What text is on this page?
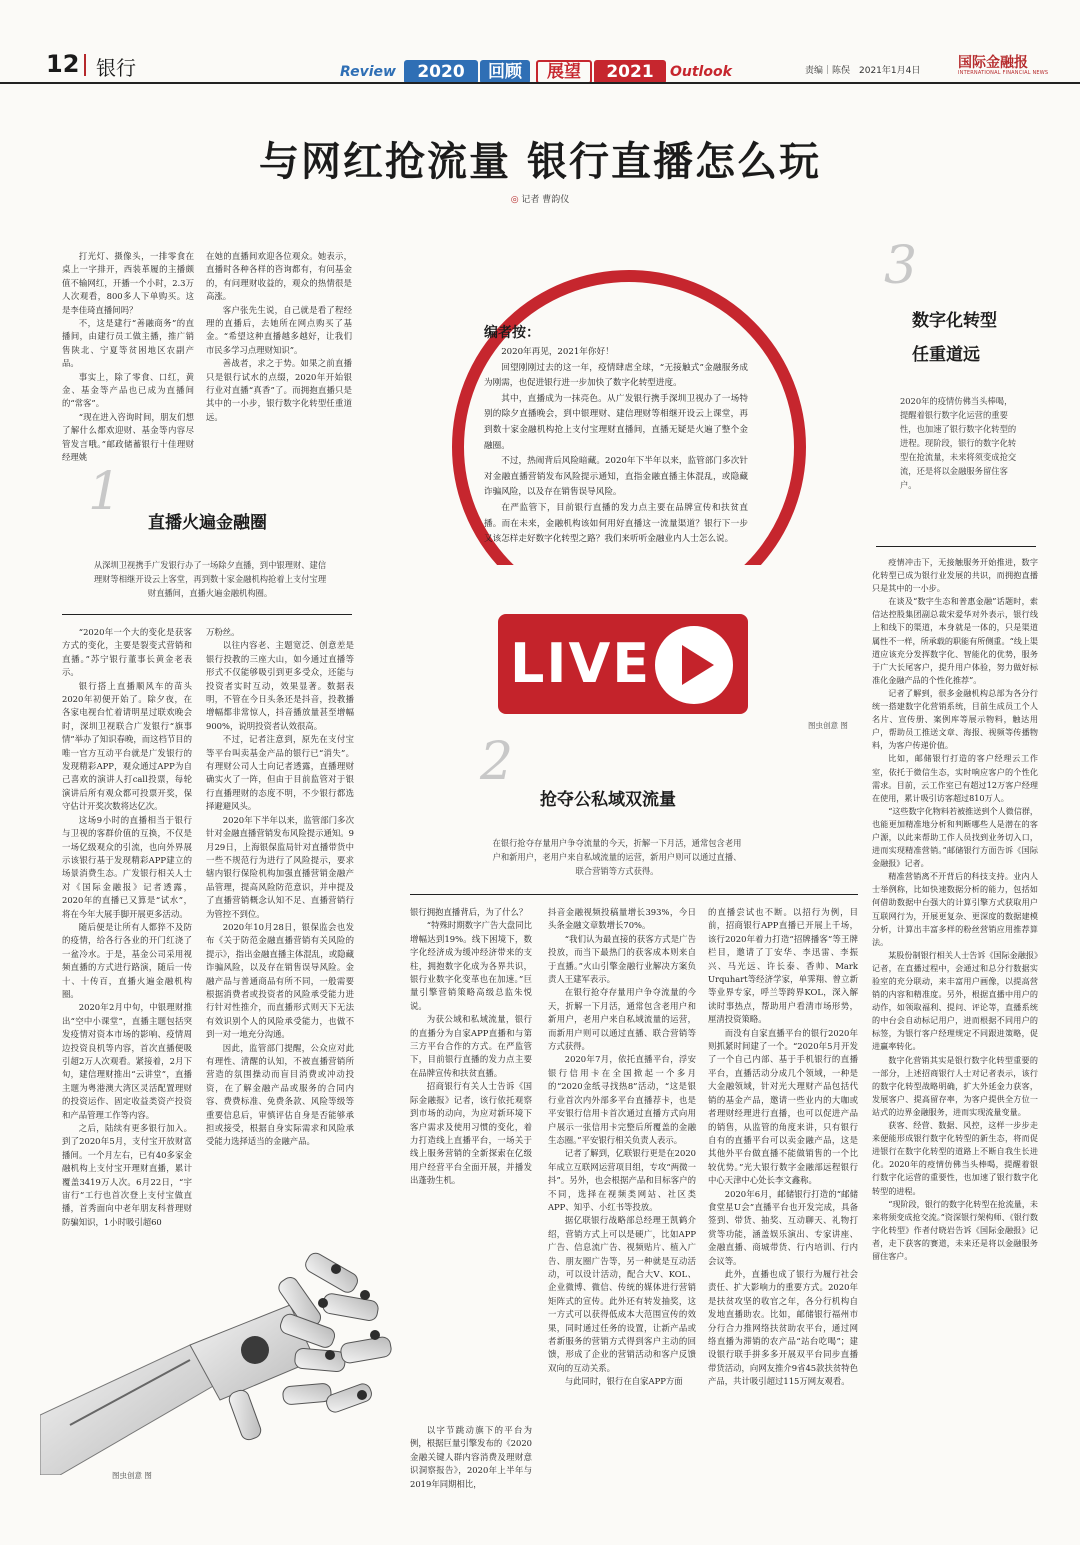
12 银行	Review	2020	回顾	展望	2021	Outlook	责编｜陈俣　2021年1月4日	国际金融报
INTERNATIONAL FINANCIAL NEWS
与网红抢流量 银行直播怎么玩
◎ 记者 曹韵仪

打光灯、摄像头，一排零食在桌上一字排开，西装革履的主播颇值不输网红，开播一个小时，2.3万人次观看，800多人下单购买。这是李佳琦直播间吗？

不，这是建行“善融商务”的直播间，由建行员工做主播，推广销售陕北、宁夏等贫困地区农副产品。

事实上，除了零食、口红，黄金、基金等产品也已成为直播间的“常客”。

“现在进入咨询时间，朋友们想了解什么都欢迎财、基金等内容尽管发言哦。”邮政储蓄银行十佳理财经理姚

在她的直播间欢迎各位观众。她表示，直播时各种各样的咨询都有，有问基金的，有问理财收益的，观众的热情很是高涨。

客户张先生说，自己就是看了程经理的直播后，去她所在网点购买了基金。“希望这种直播越多越好，让我们市民多学习点理财知识”。

善战者，求之于势。如果之前直播只是银行试水的点缀，2020年开始银行业对直播“真香”了。而拥抱直播只是其中的一小步，银行数字化转型任重道远。

1
直播火遍金融圈
从深圳卫视携手广发银行办了一场除夕直播，到中银理财、建信理财等相继开设云上客堂，再到数十家金融机构抢着上支付宝理财直播间，直播火遍金融机构圈。
编者按：

2020年再见，2021年你好！

回望刚刚过去的这一年，疫情肆虐全球，“无接触式”金融服务成为刚需，也促进银行进一步加快了数字化转型进度。

其中，直播成为一抹亮色。从广发银行携手深圳卫视办了一场特别的除夕直播晚会，到中银理财、建信理财等相继开设云上课堂，再到数十家金融机构抢上支付宝理财直播间，直播无疑是火遍了整个金融圈。

不过，热闹背后风险暗藏。2020年下半年以来，监管部门多次针对金融直播营销发布风险提示通知，直指金融直播主体混乱，或隐藏诈骗风险，以及存在销售误导风险。

在严监管下，目前银行直播的发力点主要在品牌宣传和扶贫直播。而在未来，金融机构该如何用好直播这一流量渠道？银行下一步又该怎样走好数字化转型之路？我们来听听金融业内人士怎么说。

LIVE
图虫创意 图
3
数字化转型
任重道远
2020年的疫情仿佛当头棒喝，提醒着银行数字化运营的重要性，也加速了银行数字化转型的进程。现阶段，银行的数字化转型在抢流量，未来将须变成抢交流，还是将以金融服务留住客户。
2
抢夺公私域双流量
在银行抢夺存量用户争夺流量的今天，折解一下月活，通常包含老用户和新用户，老用户来自私域流量的运营，新用户则可以通过直播、联合营销等方式获得。

“2020年一个大的变化是获客方式的变化，主要是裂变式营销和直播。”苏宁银行董事长黄金老表示。

银行搭上直播顺风车的苗头2020年初便开始了。除夕夜，在各家电视台忙着请明星过联欢晚会时，深圳卫视联合广发银行“旗事情”举办了知识春晚，而这档节目的唯一官方互动平台就是广发银行的发现精彩APP，观众通过APP为自己喜欢的演讲人打call投票，每轮演讲后所有观众都可投票开奖，保守估计开奖次数将达亿次。

这场9小时的直播相当于银行与卫视的客群价值的互换，不仅是一场亿级观众的引流，也向外界展示该银行基于发现精彩APP建立的场景消费生态。广发银行相关人士对《国际金融报》记者透露，2020年的直播已又算是“试水”，将在今年大展手脚开展更多活动。

随后便是让所有人都猝不及防的疫情，给各行各业的开门红浇了一盆冷水。于是，基金公司采用视频直播的方式进行路演，随后一传十、十传百，直播火遍金融机构圈。

2020年2月中旬，中银理财推出“空中小课堂”，直播主题包括突发疫情对资本市场的影响、疫情周边投资良机等内容，首次直播便吸引超2万人次观看。紧接着，2月下旬，建信理财推出“云讲堂”，直播主题为粤港澳大湾区灵活配置理财的投资运作、固定收益类资产投资和产品管理工作等内容。

之后，陆续有更多银行加入。到了2020年5月，支付宝开放财富播间。一个月左右，已有40多家金融机构上支付宝开理财直播，累计覆盖3419万人次。6月22日，“宇宙行”工行也首次登上支付宝做直播，首秀面向中老年朋友科普理财防骗知识，1小时吸引超60

万粉丝。

以往内容老、主题宽泛、创意差是银行投教的三座大山，如今通过直播等形式不仅能够吸引到更多受众，还能与投资者实时互动，效果显著。数据表明，不管在今日头条还是抖音，投教播增幅都非常惊人，抖音播放量甚至增幅900%，说明投资者认效很高。

不过，记者注意到，原先在支付宝等平台叫卖基金产品的银行已“消失”。有理财公司人士向记者透露，直播理财确实火了一阵，但由于目前监管对于银行直播理财的态度不明，不少银行都选择避避风头。

2020年下半年以来，监管部门多次针对金融直播营销发布风险提示通知。9月29日，上海银保监局针对直播带货中一些不规范行为进行了风险提示，要求辖内银行保险机构加强直播营销金融产品管理，提高风险防范意识，并申提及了直播营销概念认知不足、直播营销行为管控不到位。

2020年10月28日，银保监会也发布《关于防范金融直播营销有关风险的提示》，指出金融直播主体混乱，或隐藏诈骗风险，以及存在销售误导风险。金融产品与普通商品有所不同，一般需要根据消费者或投资者的风险承受能力进行针对性推介，而直播形式则天下无法有效识别个人的风险承受能力，也做不到一对一地充分沟通。

因此，监管部门提醒，公众应对此有理性、清醒的认知，不被直播营销所营造的氛围操动而盲目消费或冲动投资，在了解金融产品或服务的合同内容、费费标准、免费条款、风险等级等重要信息后，审慎评估自身是否能够承担或接受，根据自身实际需求和风险承受能力选择适当的金融产品。

银行拥抱直播背后，为了什么？

“特殊时期数字广告大盘同比增幅达到19%。线下困境下，数字化经济成为缓冲经济带来的支柱，拥抱数字化成为各界共识，银行业数字化变革也在加速。”巨量引擎营销策略高级总监朱悦说。

为获公域和私域流量，银行的直播分为自家APP直播和与第三方平台合作的方式。在严监管下，目前银行直播的发力点主要在品牌宣传和扶贫直播。

招商银行有关人士告诉《国际金融报》记者，该行依托观察到市场的动向，为应对新环境下客户需求及使用习惯的变化，着力打造线上直播平台，一场关于线上服务营销的全新探索在亿级用户经营平台全面开展，并播发出蓬勃生机。

以字节跳动旗下的平台为例，根据巨量引擎发布的《2020金融关键人群内容消费及理财意识洞察报告》，2020年上半年与2019年同期相比，

抖音金融视频投稿量增长393%，今日头条金融文章数增长70%。

“我们认为最直接的获客方式是广告投放，而当下最热门的获客成本则来自于直播。”火山引擎金融行业解决方案负责人王建军表示。

在银行抢夺存量用户争夺流量的今天，折解一下月活，通常包含老用户和新用户，老用户来自私域流量的运营，而新用户则可以通过直播、联合营销等方式获得。

2020年7月，依托直播平台，浮安银行信用卡在全国掀起一个多月的“2020金纸寻找热8”活动，“这是银行业首次内外部多平台直播荐卡，也是平安银行信用卡首次通过直播方式向用户展示一张信用卡完整后所覆盖的金融生态圈。”平安银行相关负责人表示。

记者了解到，亿联银行更是在2020年成立互联网运营项目组，专攻“两微一抖”。另外，也会根据产品和目标客户的不同，选择在视频类网站、社区类APP、知乎、小红书等投放。

据亿联银行战略部总经理王凯鹤介绍，营销方式上可以是硬广，比如APP广告、信息流广告、视频贴片、植入广告、朋友圈广告等，另一种就是互动活动，可以设计活动，配合大V、KOL、企业微博、微信、传统的媒体进行营销矩阵式的宣传。此外还有转发抽奖，这一方式可以获得低成本大范围宣传的效果，同时通过任务的设置，让新产品或者新服务的营销方式得到客户主动的回馈，形成了企业的营销活动和客户反馈双向的互动关系。

与此同时，银行在自家APP方面

的直播尝试也不断。以招行为例，目前，招商银行APP直播已开展上千场，该行2020年着力打造“招牌播客”等王牌栏目，邀请了丁安华、李迅雷、李振兴、马光远、许长泰、香帅、Mark Urquhart等经济学家，单霁翔、曾立新等业界专家，呼兰等跨界KOL，深入解读时事热点，帮助用户看清市场形势，厘清投资策略。

而没有自家直播平台的银行2020年则抓紧时间建了一个。“2020年5月开发了一个自己内部、基于手机银行的直播平台，直播活动分成几个领域，一种是大金融领域，针对光大理财产品包括代销的基金产品，邀请一些业内的大咖或者理财经理进行直播，也可以促进产品的销售，从监管的角度来讲，只有银行自有的直播平台可以卖金融产品，这是其他外平台做直播不能做销售的一个比较优势。”光大银行数字金融部远程银行中心天津中心处长李文鑫称。

2020年6月，邮储银行打造的“邮储食堂星U会”直播平台也开发完成，具备签到、带货、抽奖、互动聊天、礼物打赏等功能，涵盖娱乐演出、专家讲座、金融直播、商城带货、行内培训、行内会议等。

此外，直播也成了银行为履行社会责任、扩大影响力的重要方式。2020年是扶贫攻坚的收官之年，各分行机构自发地直播助农。比如，邮储银行福州市分行合力推网络扶贫助农平台，通过网络直播为滞销的农产品“站台吃喝”；建设银行联手拼多多开展双平台同步直播带货活动，向网友推介9省45款扶贫特色产品，共计吸引超过115万网友观看。

疫情冲击下，无接触服务开始推进，数字化转型已成为银行业发展的共识，而拥抱直播只是其中的一小步。

在谈及“数字生态和普惠金融”话题时，索信达控股集团副总裁宋爱华对外表示，银行线上和线下的渠道，本身就是一体的，只是渠道属性不一样，所承载的职能有所侧重。“线上渠道应该充分发挥数字化、智能化的优势，服务于广大长尾客户，提升用户体验，努力做好标准化金融产品的个性化推荐”。

记者了解到，很多金融机构总部为各分行统一搭建数字化营销系统，目前生成员工个人名片、宣传册、案例库等展示物料，触达用户，帮助员工推送文章、海报、视频等传播物料，为客户传递价值。

比如，邮储银行打造的客户经理云工作室，依托于微信生态，实时响应客户的个性化需求。目前，云工作室已有超过12万客户经理在使用，累计吸引访客超过810万人。

“这些数字化物料若被推送到个人微信群，也能更加精准地分析和判断哪些人是潜在的客户源，以此来帮助工作人员找到业务切入口，进而实现精准营销。”邮储银行方面告诉《国际金融报》记者。

精准营销离不开背后的科技支持。业内人士举例称，比如快速数据分析的能力，包括如何借助数据中台强大的计算引擎方式获取用户互联网行为，开展更复杂、更深度的数据建模分析，计算出丰富多样的粉丝营销应用推荐算法。

某股份制银行相关人士告诉《国际金融报》记者，在直播过程中，会通过和总分行数据实验室的充分联动，来丰富用户画像，以提高营销的内容和精准度。另外，根据直播中用户的动作，如领取福利、提问、评论等，直播系统的中台会自动标记用户，进而根据不同用户的标签，为银行客户经理规定不同跟进策略，促进赢率转化。

数字化营销其实是银行数字化转型重要的一部分，上述招商银行人士对记者表示，该行的数字化转型战略明确，扩大外延金力获客，发展客户、提高留存率，为客户提供全方位一站式的边界金融服务，进而实现流量变量。

获客、经营、数据、风控，这样一步步走来便能形成银行数字化转型的新生态，将而促进银行在数字化转型的道路上不断自我生长进化。2020年的疫情仿佛当头棒喝，提醒着银行数字化运营的重要性，也加速了银行数字化转型的进程。

“现阶段，银行的数字化转型在抢流量，未来将须变成抢交流。”资深银行架构师、《银行数字化转型》作者付晓岩告诉《国际金融报》记者，走下获客的赛道，未来还是将以金融服务留住客户。

图虫创意 图
